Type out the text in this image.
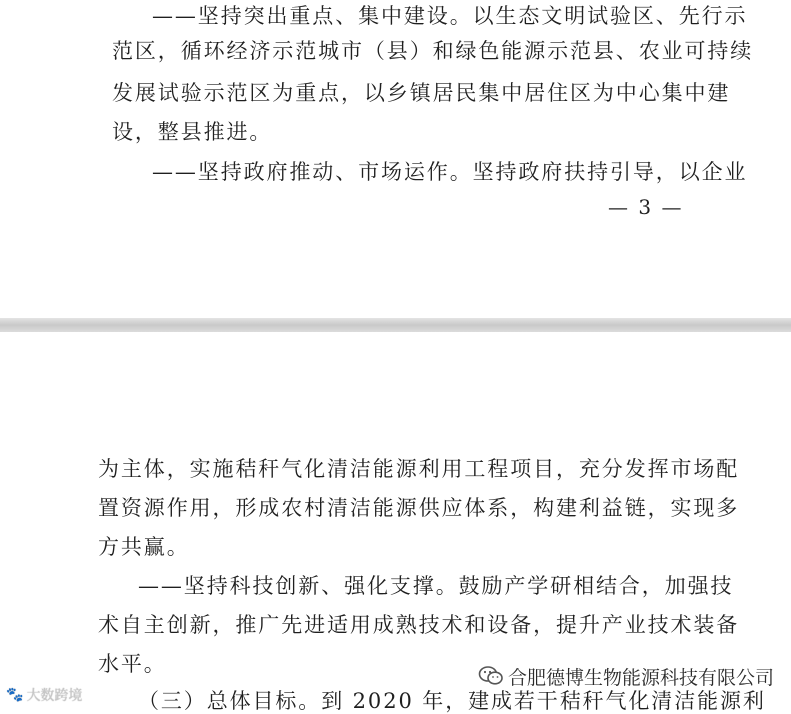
——坚持突出重点、集中建设。以生态文明试验区、先行示
范区，循环经济示范城市（县）和绿色能源示范县、农业可持续
发展试验示范区为重点，以乡镇居民集中居住区为中心集中建
设，整县推进。
——坚持政府推动、市场运作。坚持政府扶持引导，以企业
— 3 —
为主体，实施秸秆气化清洁能源利用工程项目，充分发挥市场配
置资源作用，形成农村清洁能源供应体系，构建利益链，实现多
方共赢。
——坚持科技创新、强化支撑。鼓励产学研相结合，加强技
术自主创新，推广先进适用成熟技术和设备，提升产业技术装备
水平。
（三）总体目标。到 2020 年，建成若干秸秆气化清洁能源利
合肥德博生物能源科技有限公司
🐾 大数跨境
